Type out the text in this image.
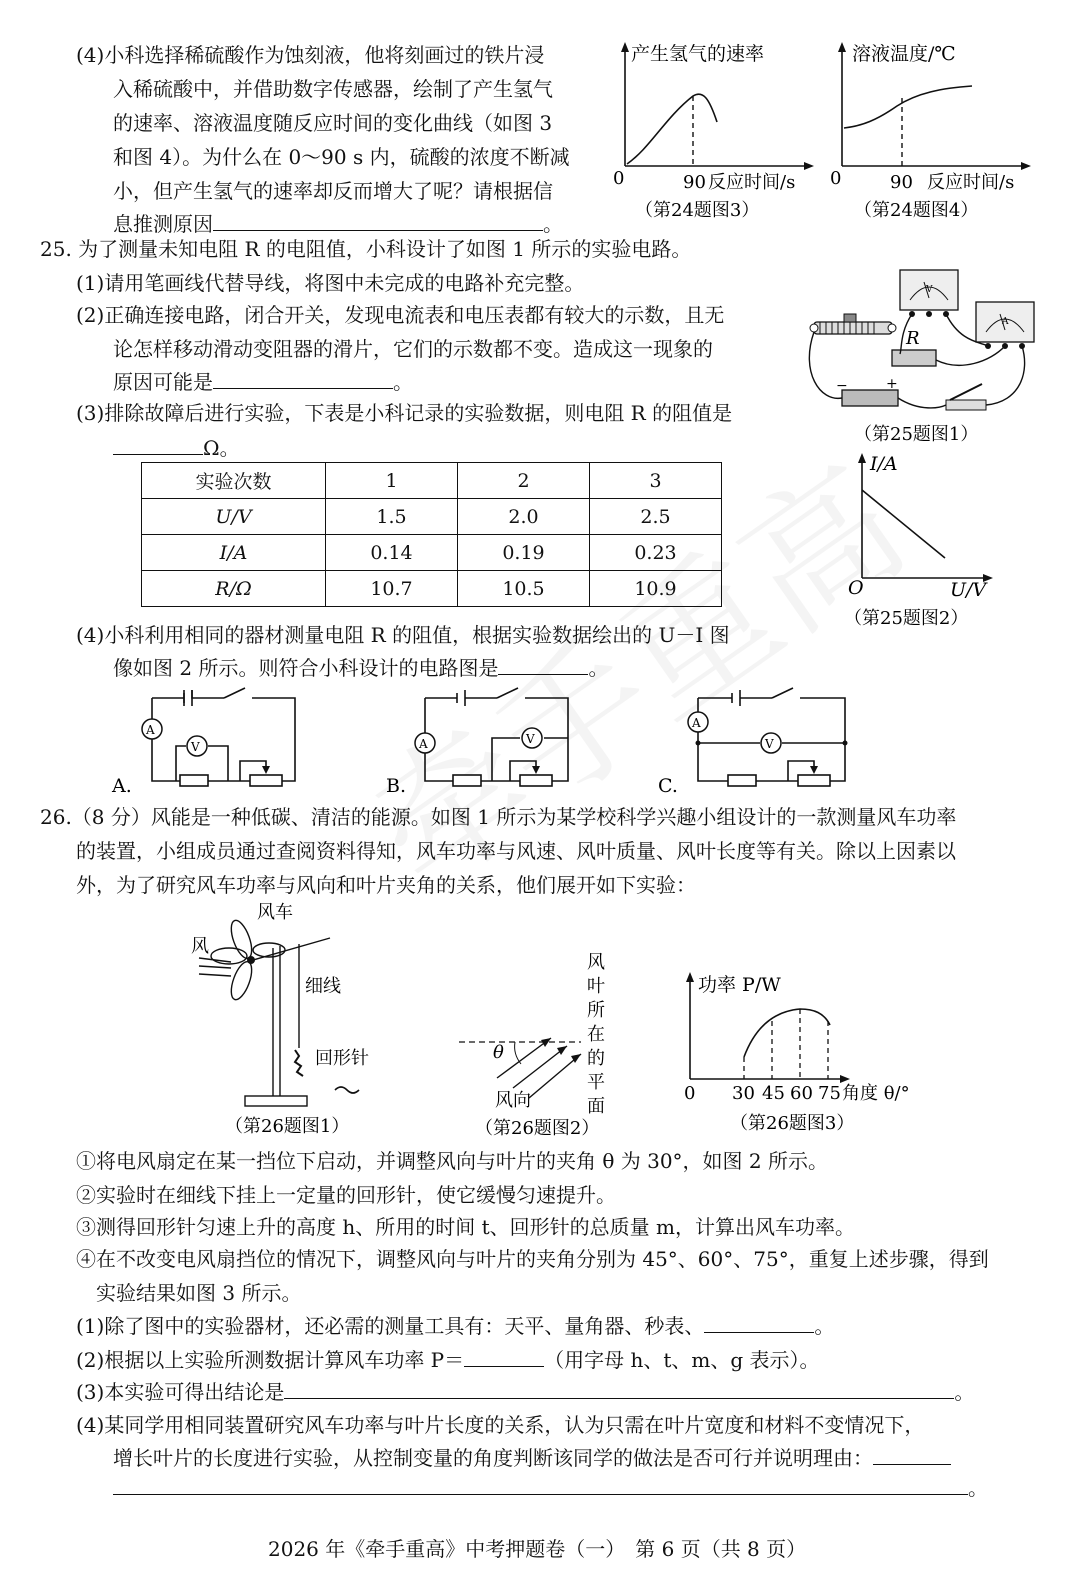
(4)小科选择稀硫酸作为蚀刻液，他将刻画过的铁片浸
入稀硫酸中，并借助数字传感器，绘制了产生氢气
的速率、溶液温度随反应时间的变化曲线（如图 3
和图 4）。为什么在 0～90 s 内，硫酸的浓度不断减
小，但产生氢气的速率却反而增大了呢？请根据信
息推测原因	。
产生氢气的速率
0	90 反应时间/s
（第24题图3）
溶液温度/℃
0	90 反应时间/s
（第24题图4）
25. 为了测量未知电阻 R 的电阻值，小科设计了如图 1 所示的实验电路。
(1)请用笔画线代替导线，将图中未完成的电路补充完整。
(2)正确连接电路，闭合开关，发现电流表和电压表都有较大的示数，且无
论怎样移动滑动变阻器的滑片，它们的示数都不变。造成这一现象的
原因可能是	。
(3)排除故障后进行实验，下表是小科记录的实验数据，则电阻 R 的阻值是
Ω。
V
A
R
−	+
（第25题图1）
I/A
O	U/V
（第25题图2）
实验次数	1	2	3
U/V	1.5	2.0	2.5
I/A	0.14	0.19	0.23
R/Ω	10.7	10.5	10.9
(4)小科利用相同的器材测量电阻 R 的阻值，根据实验数据绘出的 U－I 图
像如图 2 所示。则符合小科设计的电路图是	。
A
V	A	V
A
V
A.	B.	C.
26.（8 分）风能是一种低碳、清洁的能源。如图 1 所示为某学校科学兴趣小组设计的一款测量风车功率
的装置，小组成员通过查阅资料得知，风车功率与风速、风叶质量、风叶长度等有关。除以上因素以
外，为了研究风车功率与风向和叶片夹角的关系，他们展开如下实验：
风车
风
细线
回形针
（第26题图1）
θ
风向
风叶所在的平面
（第26题图2）
功率 P/W
0 30 45 60 75 角度 θ/°
（第26题图3）
①将电风扇定在某一挡位下启动，并调整风向与叶片的夹角 θ 为 30°，如图 2 所示。
②实验时在细线下挂上一定量的回形针，使它缓慢匀速提升。
③测得回形针匀速上升的高度 h、所用的时间 t、回形针的总质量 m，计算出风车功率。
④在不改变电风扇挡位的情况下，调整风向与叶片的夹角分别为 45°、60°、75°，重复上述步骤，得到
实验结果如图 3 所示。
(1)除了图中的实验器材，还必需的测量工具有：天平、量角器、秒表、	。
(2)根据以上实验所测数据计算风车功率 P＝	（用字母 h、t、m、g 表示）。
(3)本实验可得出结论是	。
(4)某同学用相同装置研究风车功率与叶片长度的关系，认为只需在叶片宽度和材料不变情况下，
增长叶片的长度进行实验，从控制变量的角度判断该同学的做法是否可行并说明理由：
。
2026 年《牵手重高》中考押题卷（一）　第 6 页（共 8 页）
